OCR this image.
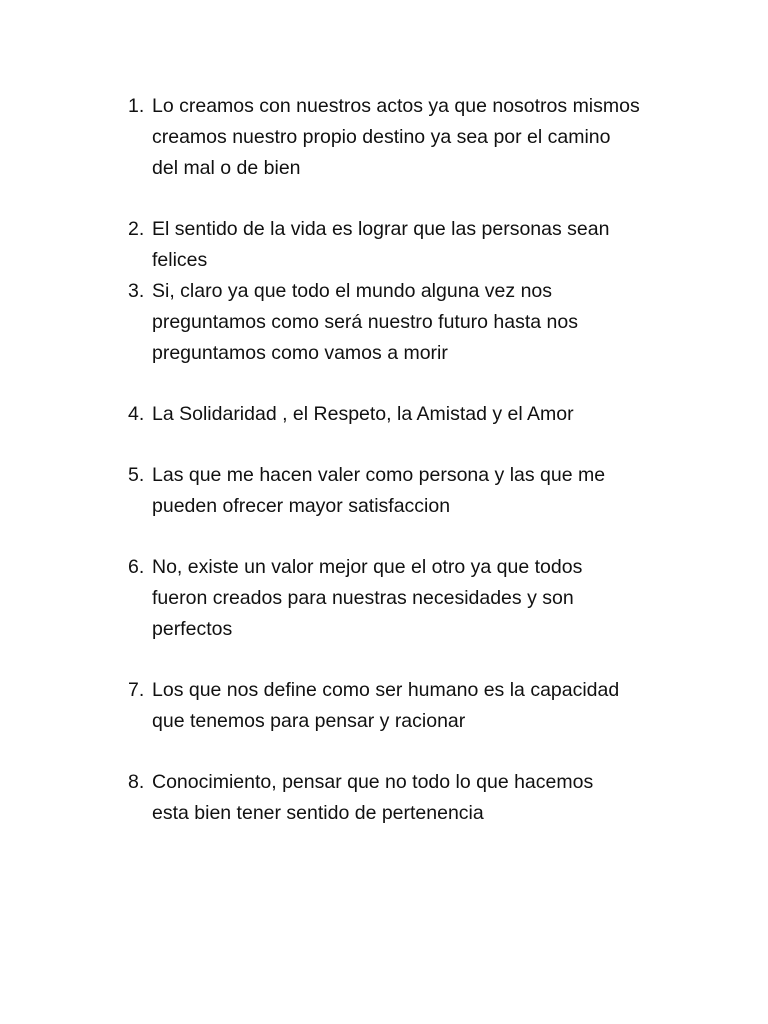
1. Lo creamos con nuestros actos ya que nosotros mismos
creamos nuestro propio destino ya sea por el camino
del mal o de bien
2. El sentido de la vida es lograr que las personas sean
felices
3. Si, claro ya que todo el mundo alguna vez nos
preguntamos como será nuestro futuro hasta nos
preguntamos como vamos a morir
4. La Solidaridad , el Respeto, la Amistad y el Amor
5. Las que me hacen valer como persona y las que me
pueden ofrecer mayor satisfaccion
6. No, existe un valor mejor que el otro ya que todos
fueron creados para nuestras necesidades y son
perfectos
7. Los que nos define como ser humano es la capacidad
que tenemos para pensar y racionar
8. Conocimiento, pensar que no todo lo que hacemos
esta bien tener sentido de pertenencia
